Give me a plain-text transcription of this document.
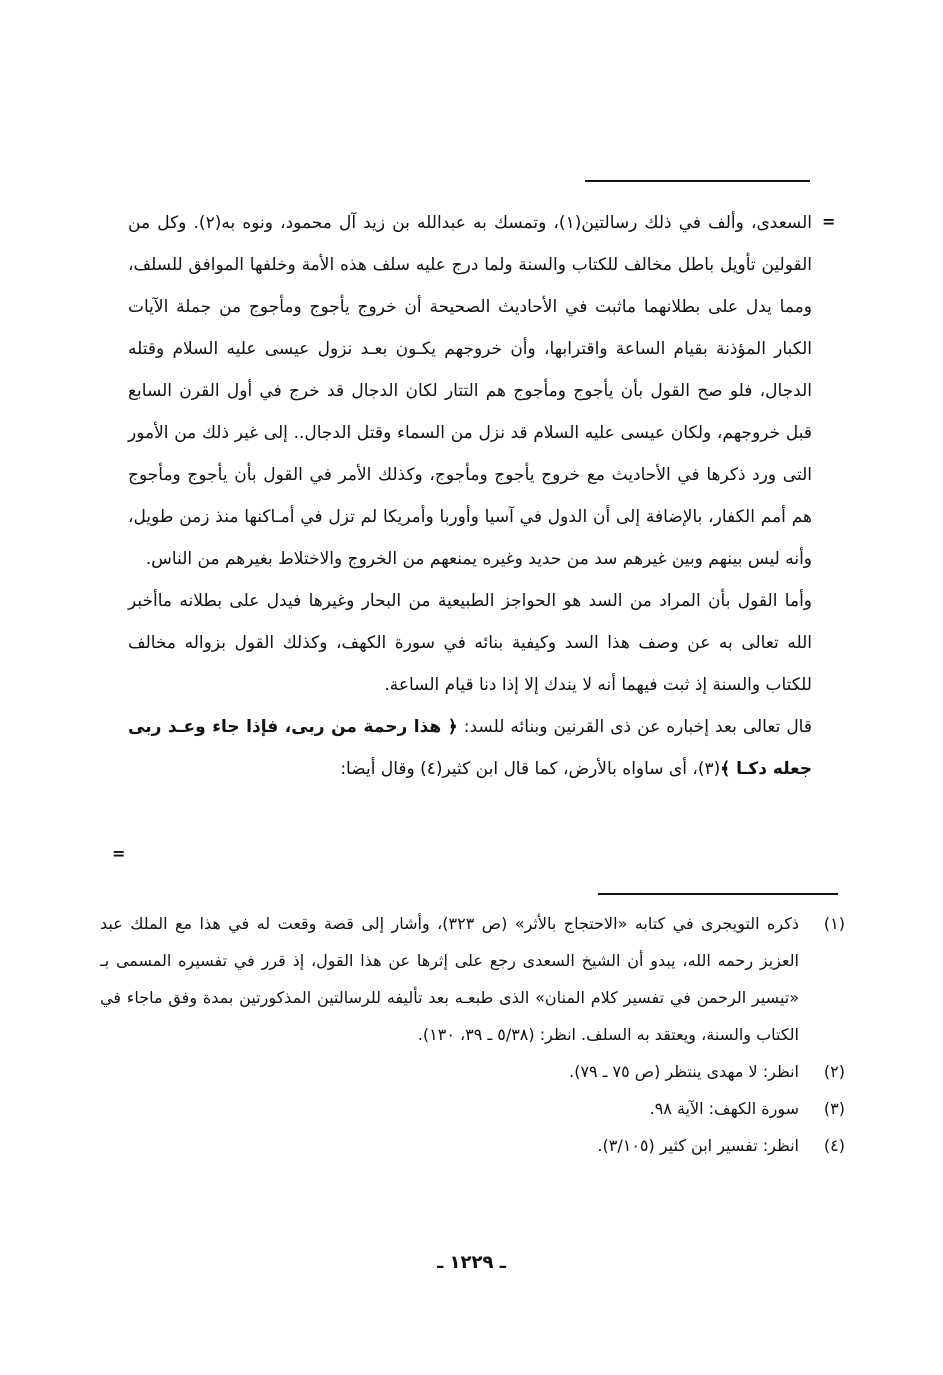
=

السعدى، وألف في ذلك رسالتين(١)، وتمسك به عبدالله بن زيد آل محمود، ونوه به(٢). وكل من القولين تأويل باطل مخالف للكتاب والسنة ولما درج عليه سلف هذه الأمة وخلفها الموافق للسلف، ومما يدل على بطلانهما ماثبت في الأحاديث الصحيحة أن خروج يأجوج ومأجوج من جملة الآيات الكبار المؤذنة بقيام الساعة واقترابها، وأن خروجهم يكـون بعـد نزول عيسى عليه السلام وقتله الدجال، فلو صح القول بأن يأجوج ومأجوج هم التتار لكان الدجال قد خرج في أول القرن السابع قبل خروجهم، ولكان عيسى عليه السلام قد نزل من السماء وقتل الدجال.. إلى غير ذلك من الأمور التى ورد ذكرها في الأحاديث مع خروج يأجوج ومأجوج، وكذلك الأمر في القول بأن يأجوج ومأجوج هم أمم الكفار، بالإضافة إلى أن الدول في آسيا وأوربا وأمريكا لم تزل في أمـاكنها منذ زمن طويل، وأنه ليس بينهم وبين غيرهم سد من حديد وغيره يمنعهم من الخروج والاختلاط بغيرهم من الناس.

وأما القول بأن المراد من السد هو الحواجز الطبيعية من البحار وغيرها فيدل على بطلانه ماأخبر الله تعالى به عن وصف هذا السد وكيفية بنائه في سورة الكهف، وكذلك القول بزواله مخالف للكتاب والسنة إذ ثبت فيهما أنه لا يندك إلا إذا دنا قيام الساعة.

قال تعالى بعد إخباره عن ذى القرنين وبنائه للسد: ﴿ هذا رحمة من ربى، فإذا جاء وعـد ربى جعله دكـا ﴾(٣)، أى ساواه بالأرض، كما قال ابن كثير(٤) وقال أيضا:

=
(١)
ذكره التويجرى في كتابه «الاحتجاج بالأثر» (ص ٣٢٣)، وأشار إلى قصة وقعت له في هذا مع الملك عبد العزيز رحمه الله، يبدو أن الشيخ السعدى رجع على إثرها عن هذا القول، إذ قرر في تفسيره المسمى بـ «تيسير الرحمن في تفسير كلام المنان» الذى طبعـه بعد تأليفه للرسالتين المذكورتين بمدة وفق ماجاء في الكتاب والسنة، ويعتقد به السلف. انظر: (٥/٣٨ ـ ٣٩، ١٣٠).
(٢)
انظر: لا مهدى ينتظر (ص ٧٥ ـ ٧٩).
(٣)
سورة الكهف: الآية ٩٨.
(٤)
انظر: تفسير ابن كثير (٣/١٠٥).
ـ ١٢٢٩ ـ
